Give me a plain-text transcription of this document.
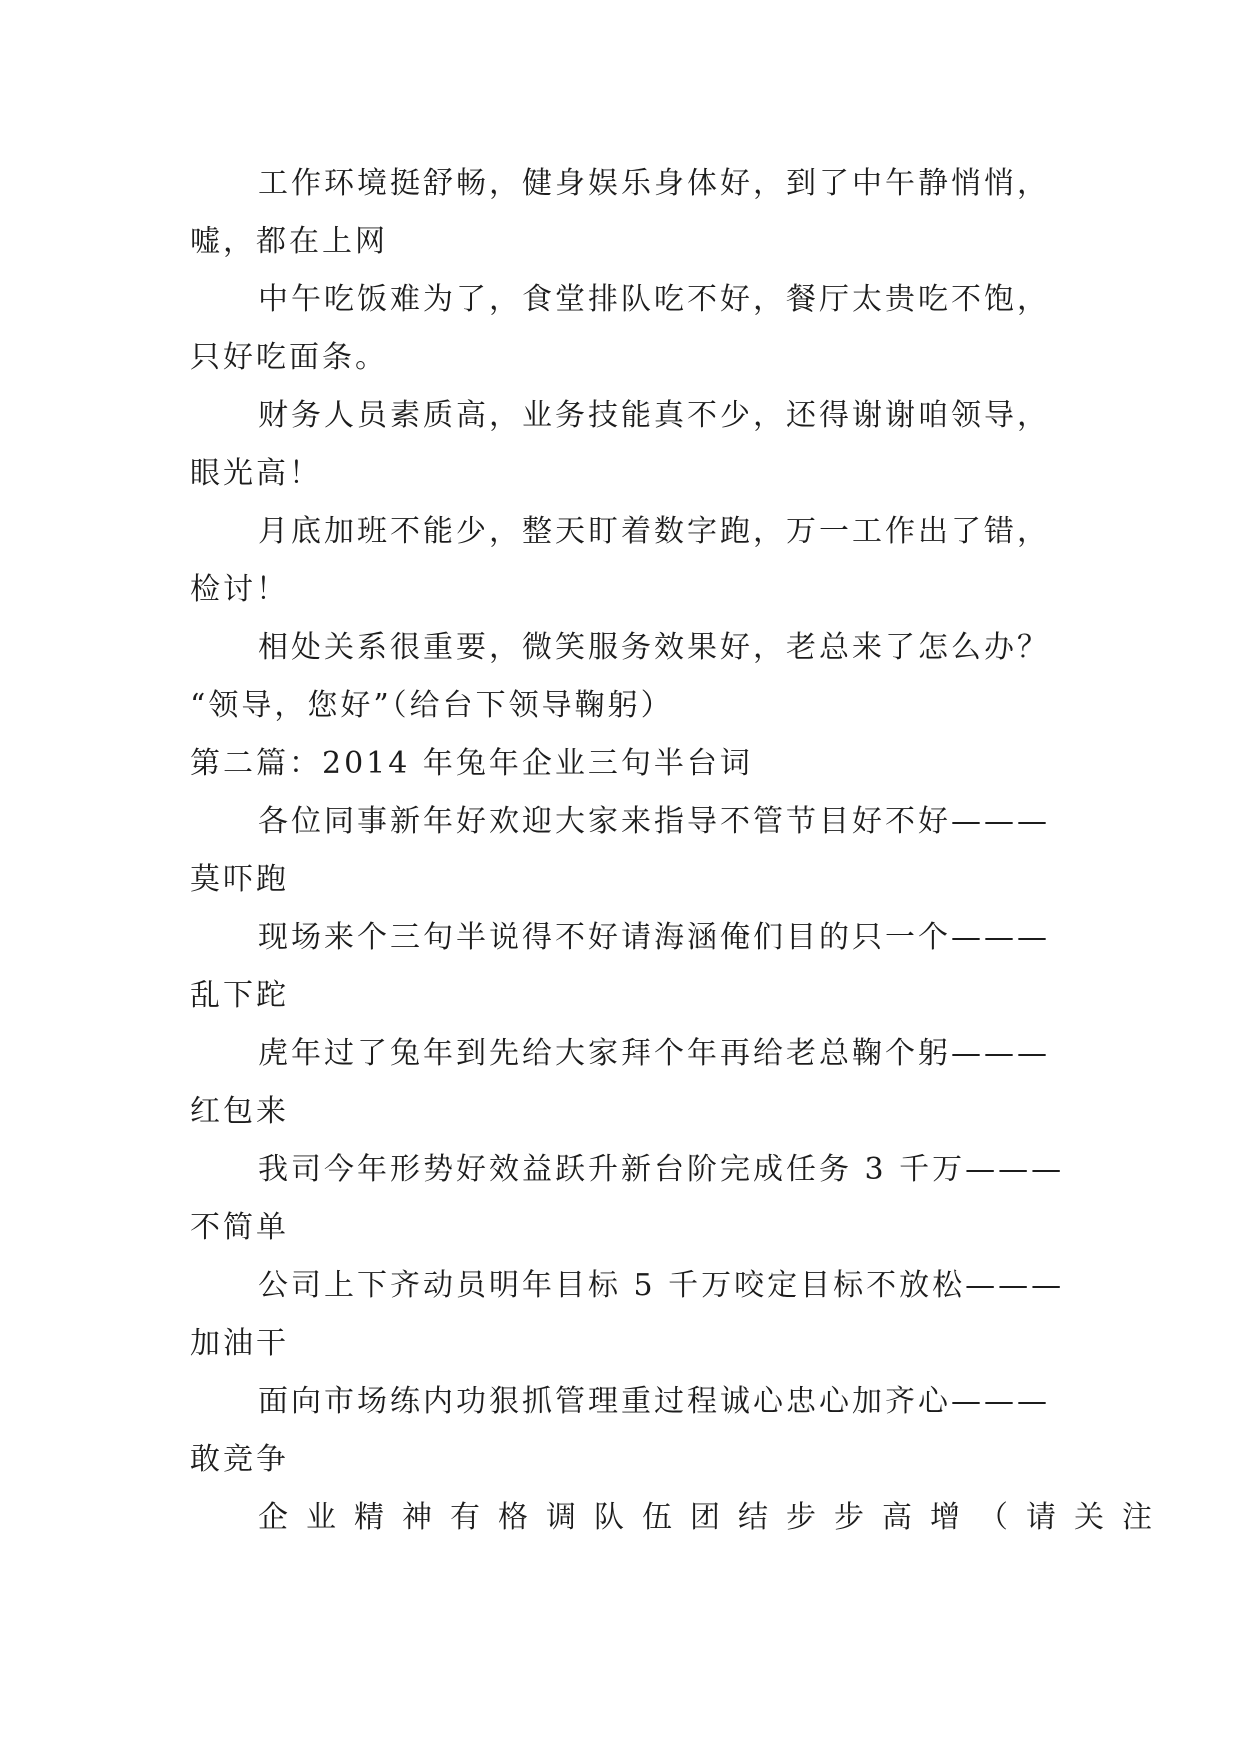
工作环境挺舒畅，健身娱乐身体好，到了中午静悄悄，
嘘，都在上网

中午吃饭难为了，食堂排队吃不好，餐厅太贵吃不饱，
只好吃面条。

财务人员素质高，业务技能真不少，还得谢谢咱领导，
眼光高！

月底加班不能少，整天盯着数字跑，万一工作出了错，
检讨！

相处关系很重要，微笑服务效果好，老总来了怎么办？
“领导，您好”（给台下领导鞠躬）

第二篇：2014 年兔年企业三句半台词

各位同事新年好欢迎大家来指导不管节目好不好———
莫吓跑

现场来个三句半说得不好请海涵俺们目的只一个———
乱下跎

虎年过了兔年到先给大家拜个年再给老总鞠个躬———
红包来

我司今年形势好效益跃升新台阶完成任务 3 千万———
不简单

公司上下齐动员明年目标 5 千万咬定目标不放松———
加油干

面向市场练内功狠抓管理重过程诚心忠心加齐心———
敢竞争

企业精神有格调队伍团结步步高增（请关注
